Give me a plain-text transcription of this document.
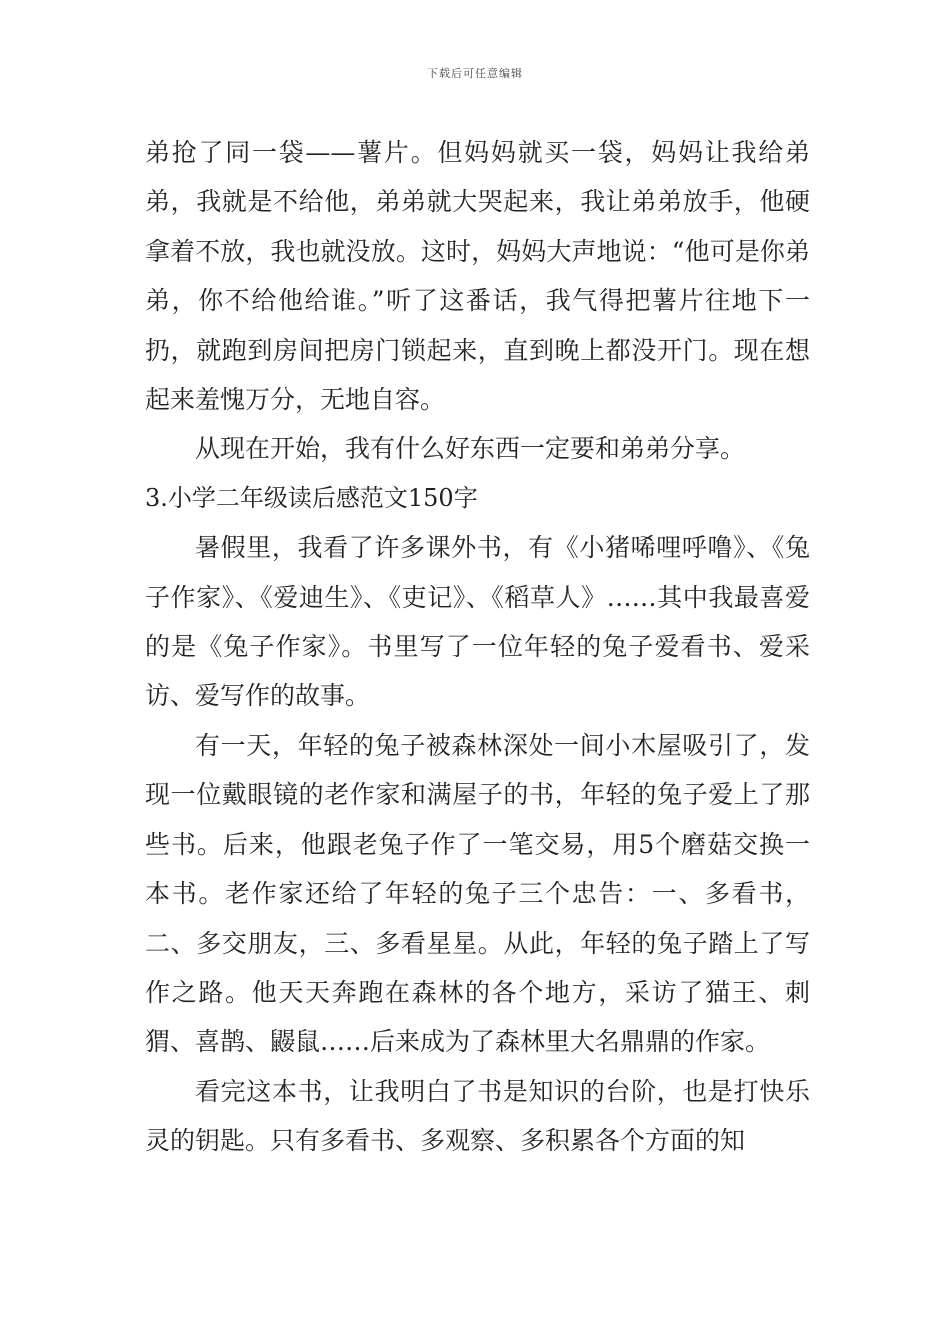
下载后可任意编辑

弟抢了同一袋——薯片。但妈妈就买一袋，妈妈让我给弟弟，我就是不给他，弟弟就大哭起来，我让弟弟放手，他硬拿着不放，我也就没放。这时，妈妈大声地说：“他可是你弟弟，你不给他给谁。”听了这番话，我气得把薯片往地下一扔，就跑到房间把房门锁起来，直到晚上都没开门。现在想起来羞愧万分，无地自容。

从现在开始，我有什么好东西一定要和弟弟分享。

3.小学二年级读后感范文150字

暑假里，我看了许多课外书，有《小猪唏哩呼噜》、《兔子作家》、《爱迪生》、《吏记》、《稻草人》……其中我最喜爱的是《兔子作家》。书里写了一位年轻的兔子爱看书、爱采访、爱写作的故事。

有一天，年轻的兔子被森林深处一间小木屋吸引了，发现一位戴眼镜的老作家和满屋子的书，年轻的兔子爱上了那些书。后来，他跟老兔子作了一笔交易，用5个磨菇交换一本书。老作家还给了年轻的兔子三个忠告：一、多看书，二、多交朋友，三、多看星星。从此，年轻的兔子踏上了写作之路。他天天奔跑在森林的各个地方，采访了猫王、刺猬、喜鹊、鼹鼠……后来成为了森林里大名鼎鼎的作家。

看完这本书，让我明白了书是知识的台阶，也是打快乐灵的钥匙。只有多看书、多观察、多积累各个方面的知
